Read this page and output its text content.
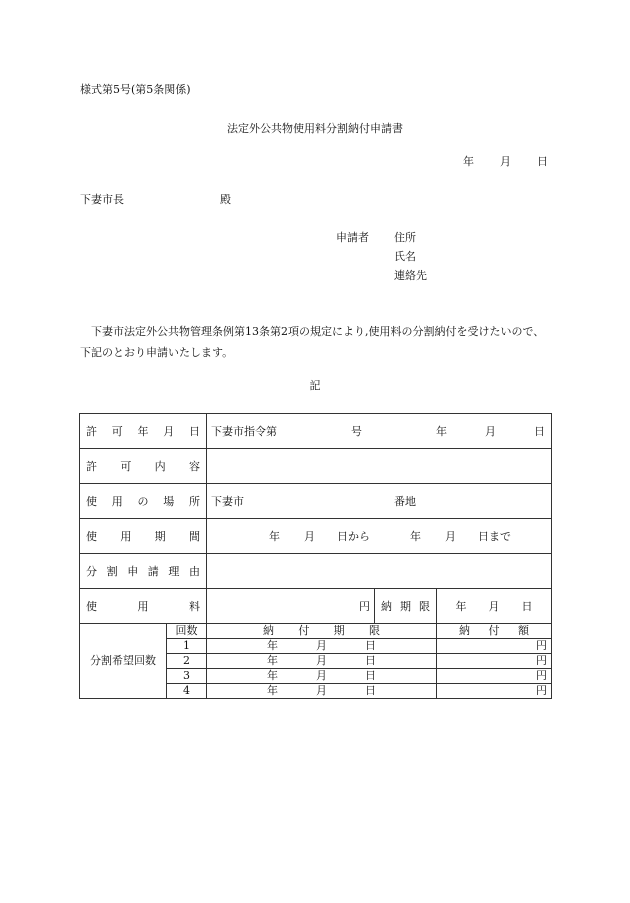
様式第5号(第5条関係)
法定外公共物使用料分割納付申請書
年 月 日
下妻市長	殿
申請者 住所
氏名
連絡先
下妻市法定外公共物管理条例第13条第2項の規定により,使用料の分割納付を受けたいので、下記のとおり申請いたします。
記
許可年月日		下妻市指令第 号 年 月 日		
許可内容				
使用の場所		下妻市 番地		
使用期間		年 月 日から 年 月 日まで		
分割申請理由				
使用料		円	納期限	年 月 日
分割希望回数	回数	納付期限		納付額
	1	年 月 日		円
	2	年 月 日		円
	3	年 月 日		円
	4	年 月 日		円
